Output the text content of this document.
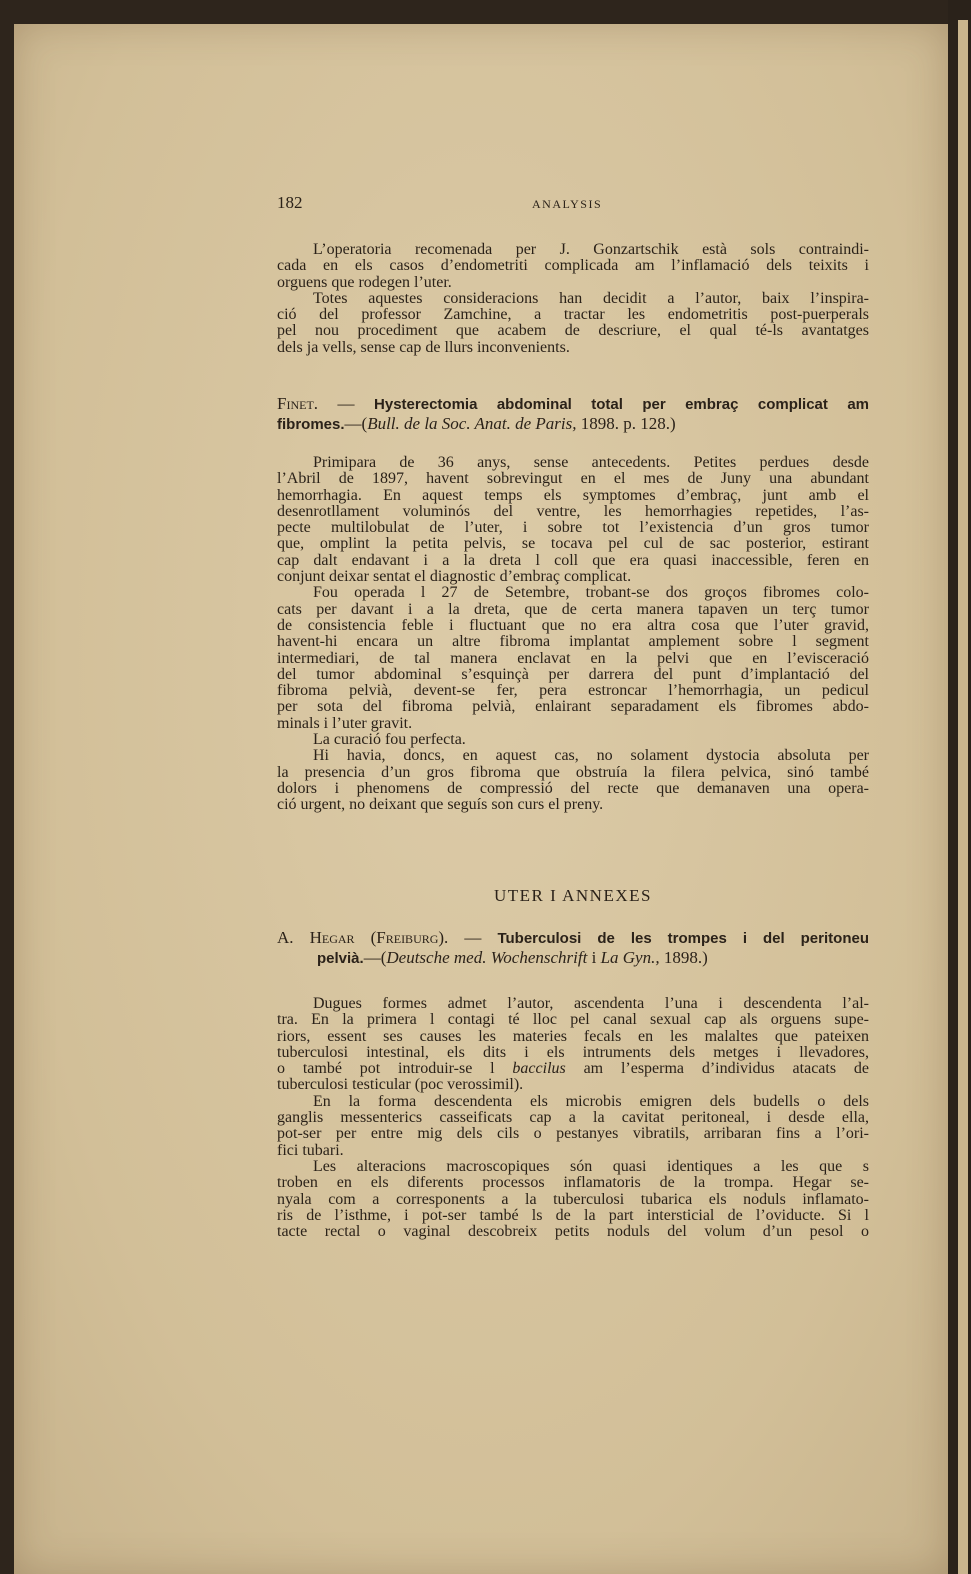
182	ANALYSIS
L’operatoria recomenada per J. Gonzartschik està sols contraindi-
cada en els casos d’endometriti complicada am l’inflamació dels teixits i
orguens que rodegen l’uter.
Totes aquestes consideracions han decidit a l’autor, baix l’inspira-
ció del professor Zamchine, a tractar les endometritis post-puerperals
pel nou procediment que acabem de descriure, el qual té-ls avantatges
dels ja vells, sense cap de llurs inconvenients.
Finet. — Hysterectomia abdominal total per embraç complicat am
fibromes.—(Bull. de la Soc. Anat. de Paris, 1898. p. 128.)
Primipara de 36 anys, sense antecedents. Petites perdues desde
l’Abril de 1897, havent sobrevingut en el mes de Juny una abundant
hemorrhagia. En aquest temps els symptomes d’embraç, junt amb el
desenrotllament voluminós del ventre, les hemorrhagies repetides, l’as-
pecte multilobulat de l’uter, i sobre tot l’existencia d’un gros tumor
que, omplint la petita pelvis, se tocava pel cul de sac posterior, estirant
cap dalt endavant i a la dreta l coll que era quasi inaccessible, feren en
conjunt deixar sentat el diagnostic d’embraç complicat.
Fou operada l 27 de Setembre, trobant-se dos groços fibromes colo-
cats per davant i a la dreta, que de certa manera tapaven un terç tumor
de consistencia feble i fluctuant que no era altra cosa que l’uter gravid,
havent-hi encara un altre fibroma implantat amplement sobre l segment
intermediari, de tal manera enclavat en la pelvi que en l’evisceració
del tumor abdominal s’esquinçà per darrera del punt d’implantació del
fibroma pelvià, devent-se fer, pera estroncar l’hemorrhagia, un pedicul
per sota del fibroma pelvià, enlairant separadament els fibromes abdo-
minals i l’uter gravit.
La curació fou perfecta.
Hi havia, doncs, en aquest cas, no solament dystocia absoluta per
la presencia d’un gros fibroma que obstruía la filera pelvica, sinó també
dolors i phenomens de compressió del recte que demanaven una opera-
ció urgent, no deixant que seguís son curs el preny.
UTER I ANNEXES
A. Hegar (Freiburg). — Tuberculosi de les trompes i del peritoneu
pelvià.—(Deutsche med. Wochenschrift i La Gyn., 1898.)
Dugues formes admet l’autor, ascendenta l’una i descendenta l’al-
tra. En la primera l contagi té lloc pel canal sexual cap als orguens supe-
riors, essent ses causes les materies fecals en les malaltes que pateixen
tuberculosi intestinal, els dits i els intruments dels metges i llevadores,
o també pot introduir-se l baccilus am l’esperma d’individus atacats de
tuberculosi testicular (poc verossimil).
En la forma descendenta els microbis emigren dels budells o dels
ganglis messenterics casseificats cap a la cavitat peritoneal, i desde ella,
pot-ser per entre mig dels cils o pestanyes vibratils, arribaran fins a l’ori-
fici tubari.
Les alteracions macroscopiques són quasi identiques a les que s
troben en els diferents processos inflamatoris de la trompa. Hegar se-
nyala com a corresponents a la tuberculosi tubarica els noduls inflamato-
ris de l’isthme, i pot-ser també ls de la part intersticial de l’oviducte. Si l
tacte rectal o vaginal descobreix petits noduls del volum d’un pesol o
